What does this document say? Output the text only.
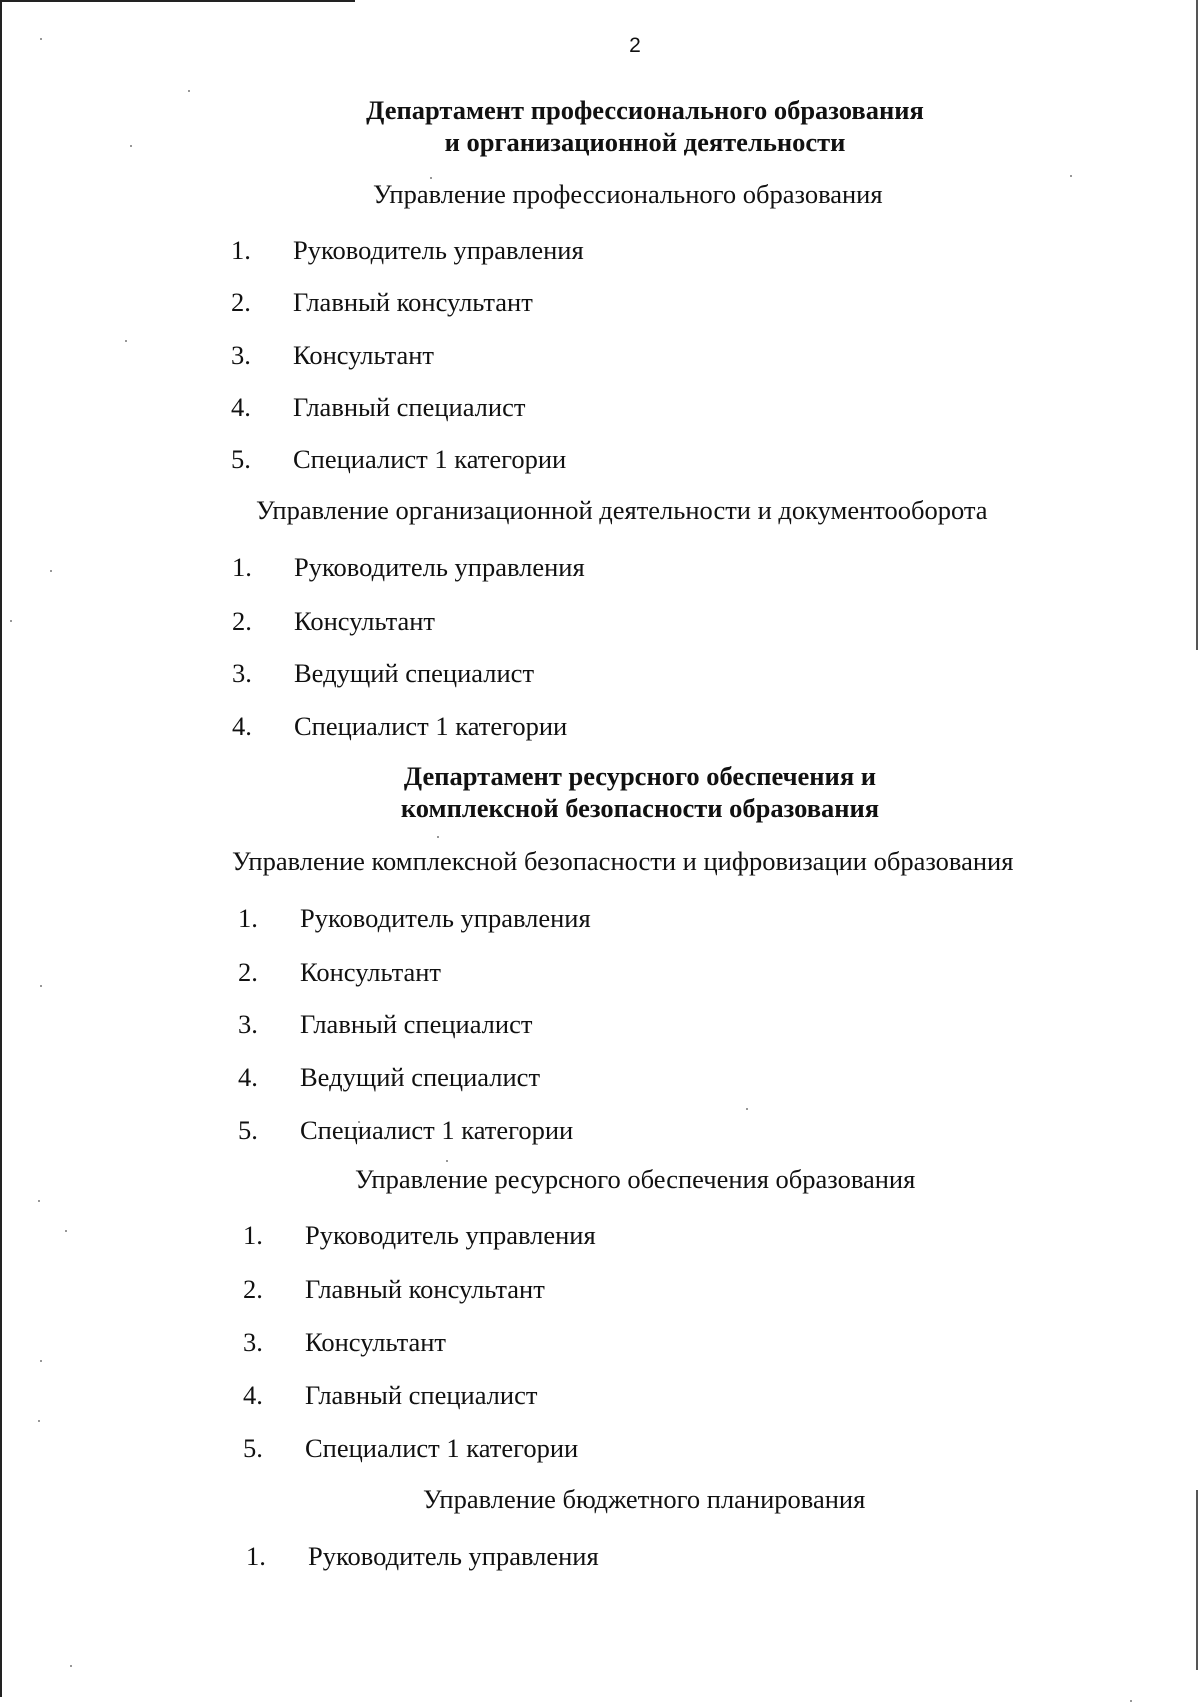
2
Департамент профессионального образования
и организационной деятельности
Управление профессионального образования
1. Руководитель управления
2. Главный консультант
3. Консультант
4. Главный специалист
5. Специалист 1 категории
Управление организационной деятельности и документооборота
1. Руководитель управления
2. Консультант
3. Ведущий специалист
4. Специалист 1 категории
Департамент ресурсного обеспечения и
комплексной безопасности образования
Управление комплексной безопасности и цифровизации образования
1. Руководитель управления
2. Консультант
3. Главный специалист
4. Ведущий специалист
5. Специалист 1 категории
Управление ресурсного обеспечения образования
1. Руководитель управления
2. Главный консультант
3. Консультант
4. Главный специалист
5. Специалист 1 категории
Управление бюджетного планирования
1. Руководитель управления
